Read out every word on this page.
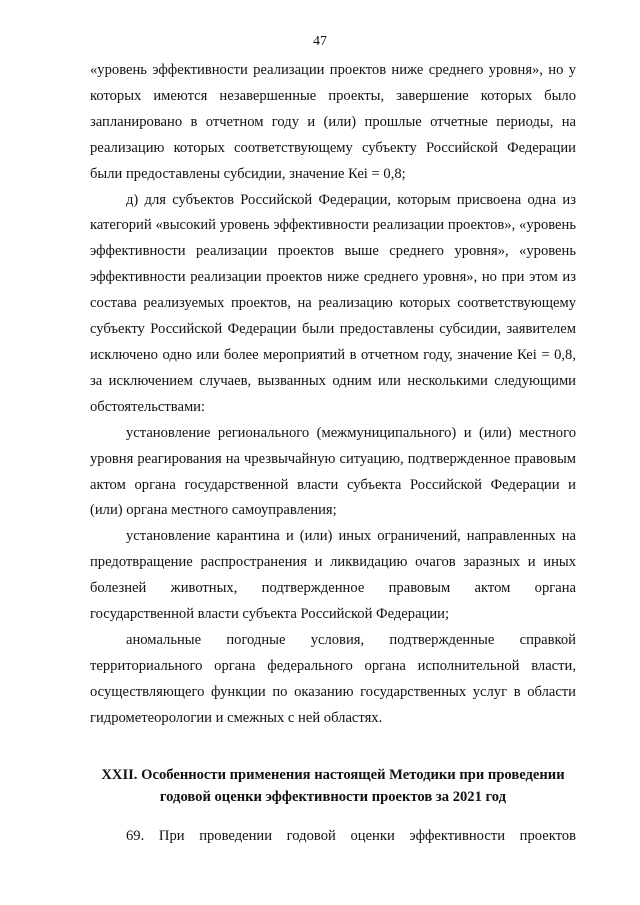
47

«уровень эффективности реализации проектов ниже среднего уровня», но у которых имеются незавершенные проекты, завершение которых было запланировано в отчетном году и (или) прошлые отчетные периоды, на реализацию которых соответствующему субъекту Российской Федерации были предоставлены субсидии, значение Кеі = 0,8;

д) для субъектов Российской Федерации, которым присвоена одна из категорий «высокий уровень эффективности реализации проектов», «уровень эффективности реализации проектов выше среднего уровня», «уровень эффективности реализации проектов ниже среднего уровня», но при этом из состава реализуемых проектов, на реализацию которых соответствующему субъекту Российской Федерации были предоставлены субсидии, заявителем исключено одно или более мероприятий в отчетном году, значение Кеі = 0,8, за исключением случаев, вызванных одним или несколькими следующими обстоятельствами:

установление регионального (межмуниципального) и (или) местного уровня реагирования на чрезвычайную ситуацию, подтвержденное правовым актом органа государственной власти субъекта Российской Федерации и (или) органа местного самоуправления;

установление карантина и (или) иных ограничений, направленных на предотвращение распространения и ликвидацию очагов заразных и иных болезней животных, подтвержденное правовым актом органа государственной власти субъекта Российской Федерации;

аномальные погодные условия, подтвержденные справкой территориального органа федерального органа исполнительной власти, осуществляющего функции по оказанию государственных услуг в области гидрометеорологии и смежных с ней областях.

XXII. Особенности применения настоящей Методики при проведении
годовой оценки эффективности проектов за 2021 год
69. При проведении годовой оценки эффективности проектов
